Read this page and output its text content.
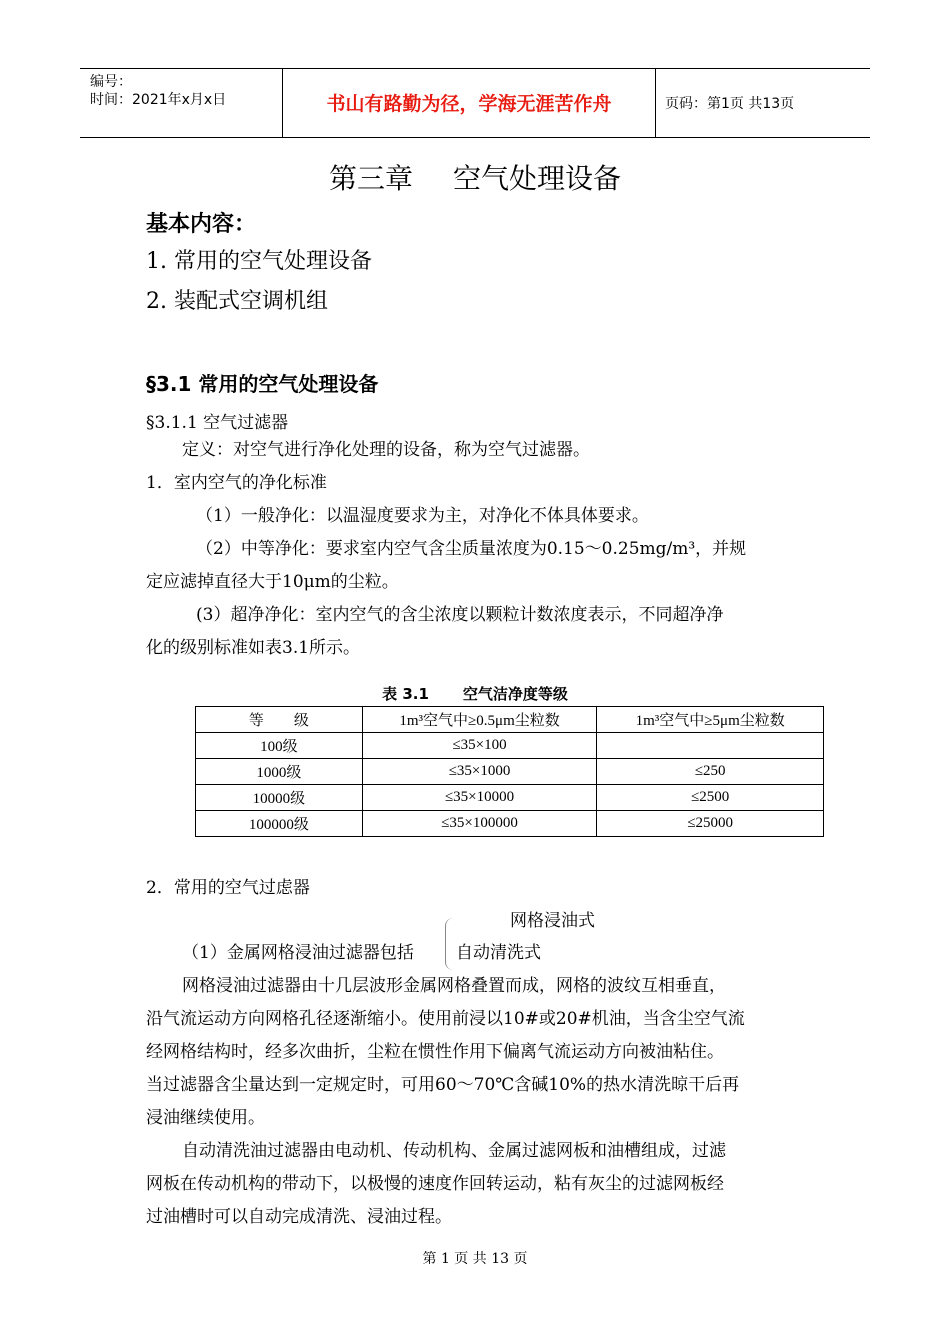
编号：
时间：2021年x月x日	书山有路勤为径，学海无涯苦作舟	页码：第1页 共13页
第三章 空气处理设备
基本内容：
1. 常用的空气处理设备
2. 装配式空调机组
§3.1 常用的空气处理设备
§3.1.1 空气过滤器
定义：对空气进行净化处理的设备，称为空气过滤器。
1．室内空气的净化标准
（1）一般净化：以温湿度要求为主，对净化不体具体要求。
（2）中等净化：要求室内空气含尘质量浓度为0.15～0.25mg/m³，并规
定应滤掉直径大于10μm的尘粒。
(3）超净净化：室内空气的含尘浓度以颗粒计数浓度表示，不同超净净
化的级别标准如表3.1所示。
表 3.1 空气洁净度等级
等　　级	1m³空气中≥0.5μm尘粒数	1m³空气中≥5μm尘粒数
100级	≤35×100	
1000级	≤35×1000	≤250
10000级	≤35×10000	≤2500
100000级	≤35×100000	≤25000
2．常用的空气过虑器
网格浸油式
（1）金属网格浸油过滤器包括 自动清洗式
网格浸油过滤器由十几层波形金属网格叠置而成，网格的波纹互相垂直，
沿气流运动方向网格孔径逐渐缩小。使用前浸以10#或20#机油，当含尘空气流
经网格结构时，经多次曲折，尘粒在惯性作用下偏离气流运动方向被油粘住。
当过滤器含尘量达到一定规定时，可用60～70℃含碱10%的热水清洗晾干后再
浸油继续使用。
自动清洗油过滤器由电动机、传动机构、金属过滤网板和油槽组成，过滤
网板在传动机构的带动下，以极慢的速度作回转运动，粘有灰尘的过滤网板经
过油槽时可以自动完成清洗、浸油过程。
第 1 页 共 13 页
